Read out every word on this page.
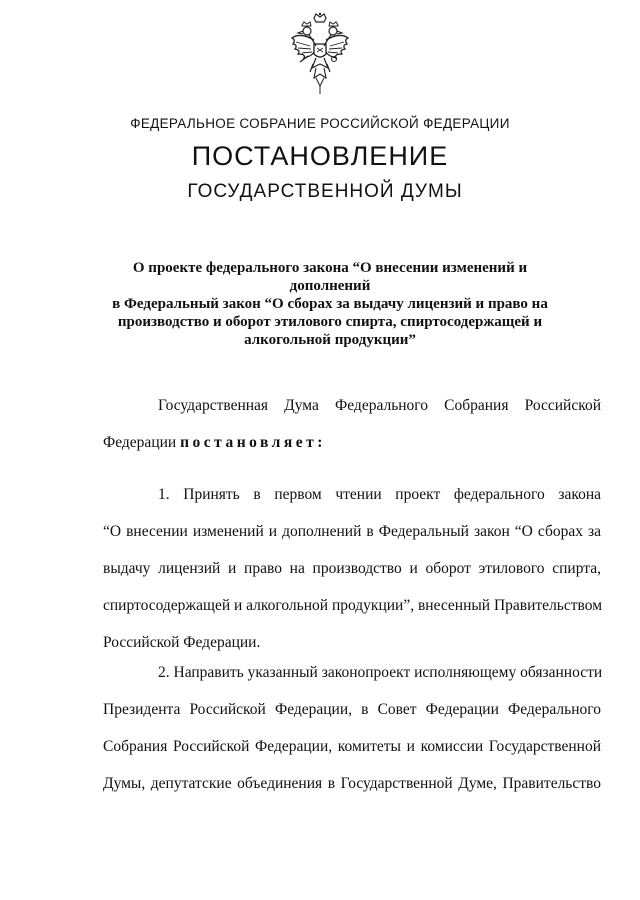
ФЕДЕРАЛЬНОЕ СОБРАНИЕ РОССИЙСКОЙ ФЕДЕРАЦИИ
ПОСТАНОВЛЕНИЕ
ГОСУДАРСТВЕННОЙ ДУМЫ
О проекте федерального закона “О внесении изменений и дополнений
в Федеральный закон “О сборах за выдачу лицензий и право на
производство и оборот этилового спирта, спиртосодержащей и
алкогольной продукции”
Государственная Дума Федерального Собрания Российской
Федерации постановляет:
1. Принять в первом чтении проект федерального закона
“О внесении изменений и дополнений в Федеральный закон “О сборах за
выдачу лицензий и право на производство и оборот этилового спирта,
спиртосодержащей и алкогольной продукции”, внесенный Правительством
Российской Федерации.
2. Направить указанный законопроект исполняющему обязанности
Президента Российской Федерации, в Совет Федерации Федерального
Собрания Российской Федерации, комитеты и комиссии Государственной
Думы, депутатские объединения в Государственной Думе, Правительство
